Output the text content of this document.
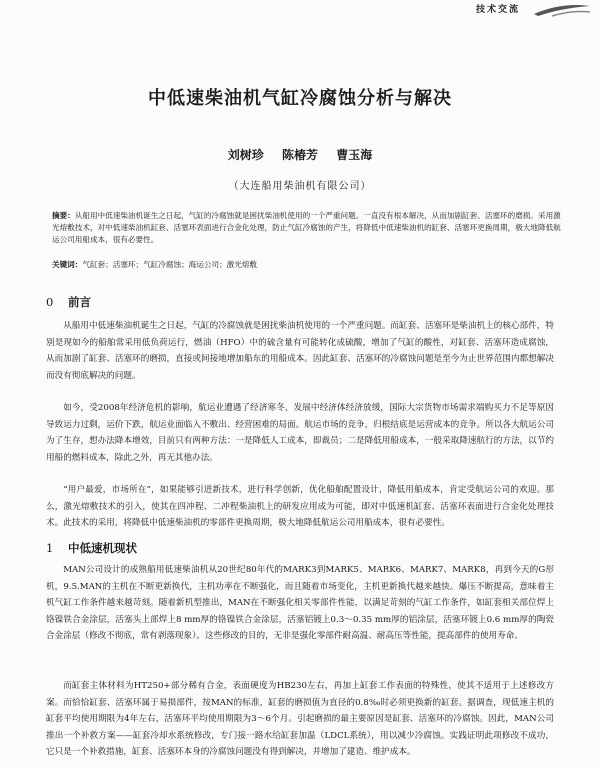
技术交流
中低速柴油机气缸冷腐蚀分析与解决
刘树珍 陈椿芳 曹玉海
（大连船用柴油机有限公司）
摘要：从船用中低速柴油机诞生之日起，气缸的冷腐蚀就是困扰柴油机使用的一个严重问题。一直没有根本解决，从而加剧缸套、活塞环的磨损。采用激光熔敷技术，对中低速柴油机缸套、活塞环表面进行合金化处理，防止气缸冷腐蚀的产生，将降低中低速柴油机的缸套、活塞环更换周期，极大地降低航运公司用船成本，很有必要性。
关键词：气缸套；活塞环；气缸冷腐蚀；海运公司；激光熔敷
0 前言
从船用中低速柴油机诞生之日起，气缸的冷腐蚀就是困扰柴油机使用的一个严重问题。而缸套、活塞环是柴油机上的核心部件，特别是现如今的船舶常采用低负荷运行，燃油（HFO）中的硫含量有可能转化成硫酸，增加了气缸的酸性，对缸套、活塞环造成腐蚀，从而加剧了缸套、活塞环的磨损，直接或间接地增加船东的用船成本。因此缸套、活塞环的冷腐蚀问题是至今为止世界范围内都想解决而没有彻底解决的问题。
如今，受2008年经济危机的影响，航运业遭遇了经济寒冬，发展中经济体经济放缓，国际大宗货物市场需求端购买力不足等原因导致运力过剩，运价下跌，航运业面临入不敷出、经营困难的局面。航运市场的竞争，归根结底是运营成本的竞争。所以各大航运公司为了生存，想办法降本增效，目前只有两种方法：一是降低人工成本，即裁员；二是降低用船成本，一般采取降速航行的方法，以节约用船的燃料成本，除此之外，再无其他办法。
“用户最爱，市场所在”，如果能够引进新技术，进行科学创新，优化船舶配置设计，降低用船成本，肯定受航运公司的欢迎。那么，激光熔敷技术的引入，使其在四冲程、二冲程柴油机上的研发应用成为可能，即对中低速机缸套、活塞环表面进行合金化处理技术。此技术的采用，将降低中低速柴油机的零部件更换周期，极大地降低航运公司用船成本，很有必要性。
1 中低速机现状
MAN公司设计的成熟船用低速柴油机从20世纪80年代的MARK3到MARK5、MARK6、MARK7、MARK8，再到今天的G形机，9.5.MAN的主机在不断更新换代，主机功率在不断强化，而且随着市场变化，主机更新换代越来越快。爆压不断提高，意味着主机气缸工作条件越来越苛刻。随着新机型推出，MAN在不断强化相关零部件性能，以满足苛刻的气缸工作条件，如缸套相关部位焊上铬镍铁合金涂层，活塞头上部焊上8 mm厚的铬镍铁合金涂层，活塞铝镀上0.3～0.35 mm厚的铝涂层，活塞环镀上0.6 mm厚的陶瓷合金涂层（修改不彻底，常有剥落现象）。这些修改的目的，无非是强化零部件耐高温、耐高压等性能，提高部件的使用寿命。
而缸套主体材料为HT250+部分稀有合金，表面硬度为HB230左右，再加上缸套工作表面的特殊性，使其不适用于上述修改方案。而恰恰缸套、活塞环属于易损部件，按MAN的标准，缸套的磨损值为直径的0.8‰时必须更换新的缸套。据调查，现低速主机的缸套平均使用期限为4年左右，活塞环平均使用期限为3～6个月。引起磨损的最主要原因是缸套、活塞环的冷腐蚀。因此，MAN公司推出一个补救方案——缸套冷却水系统修改，专门接一路水给缸套加温（LDCL系统），用以减少冷腐蚀。实践证明此项修改不成功，它只是一个补救措施，缸套、活塞环本身的冷腐蚀问题没有得到解决，并增加了建造、维护成本。
